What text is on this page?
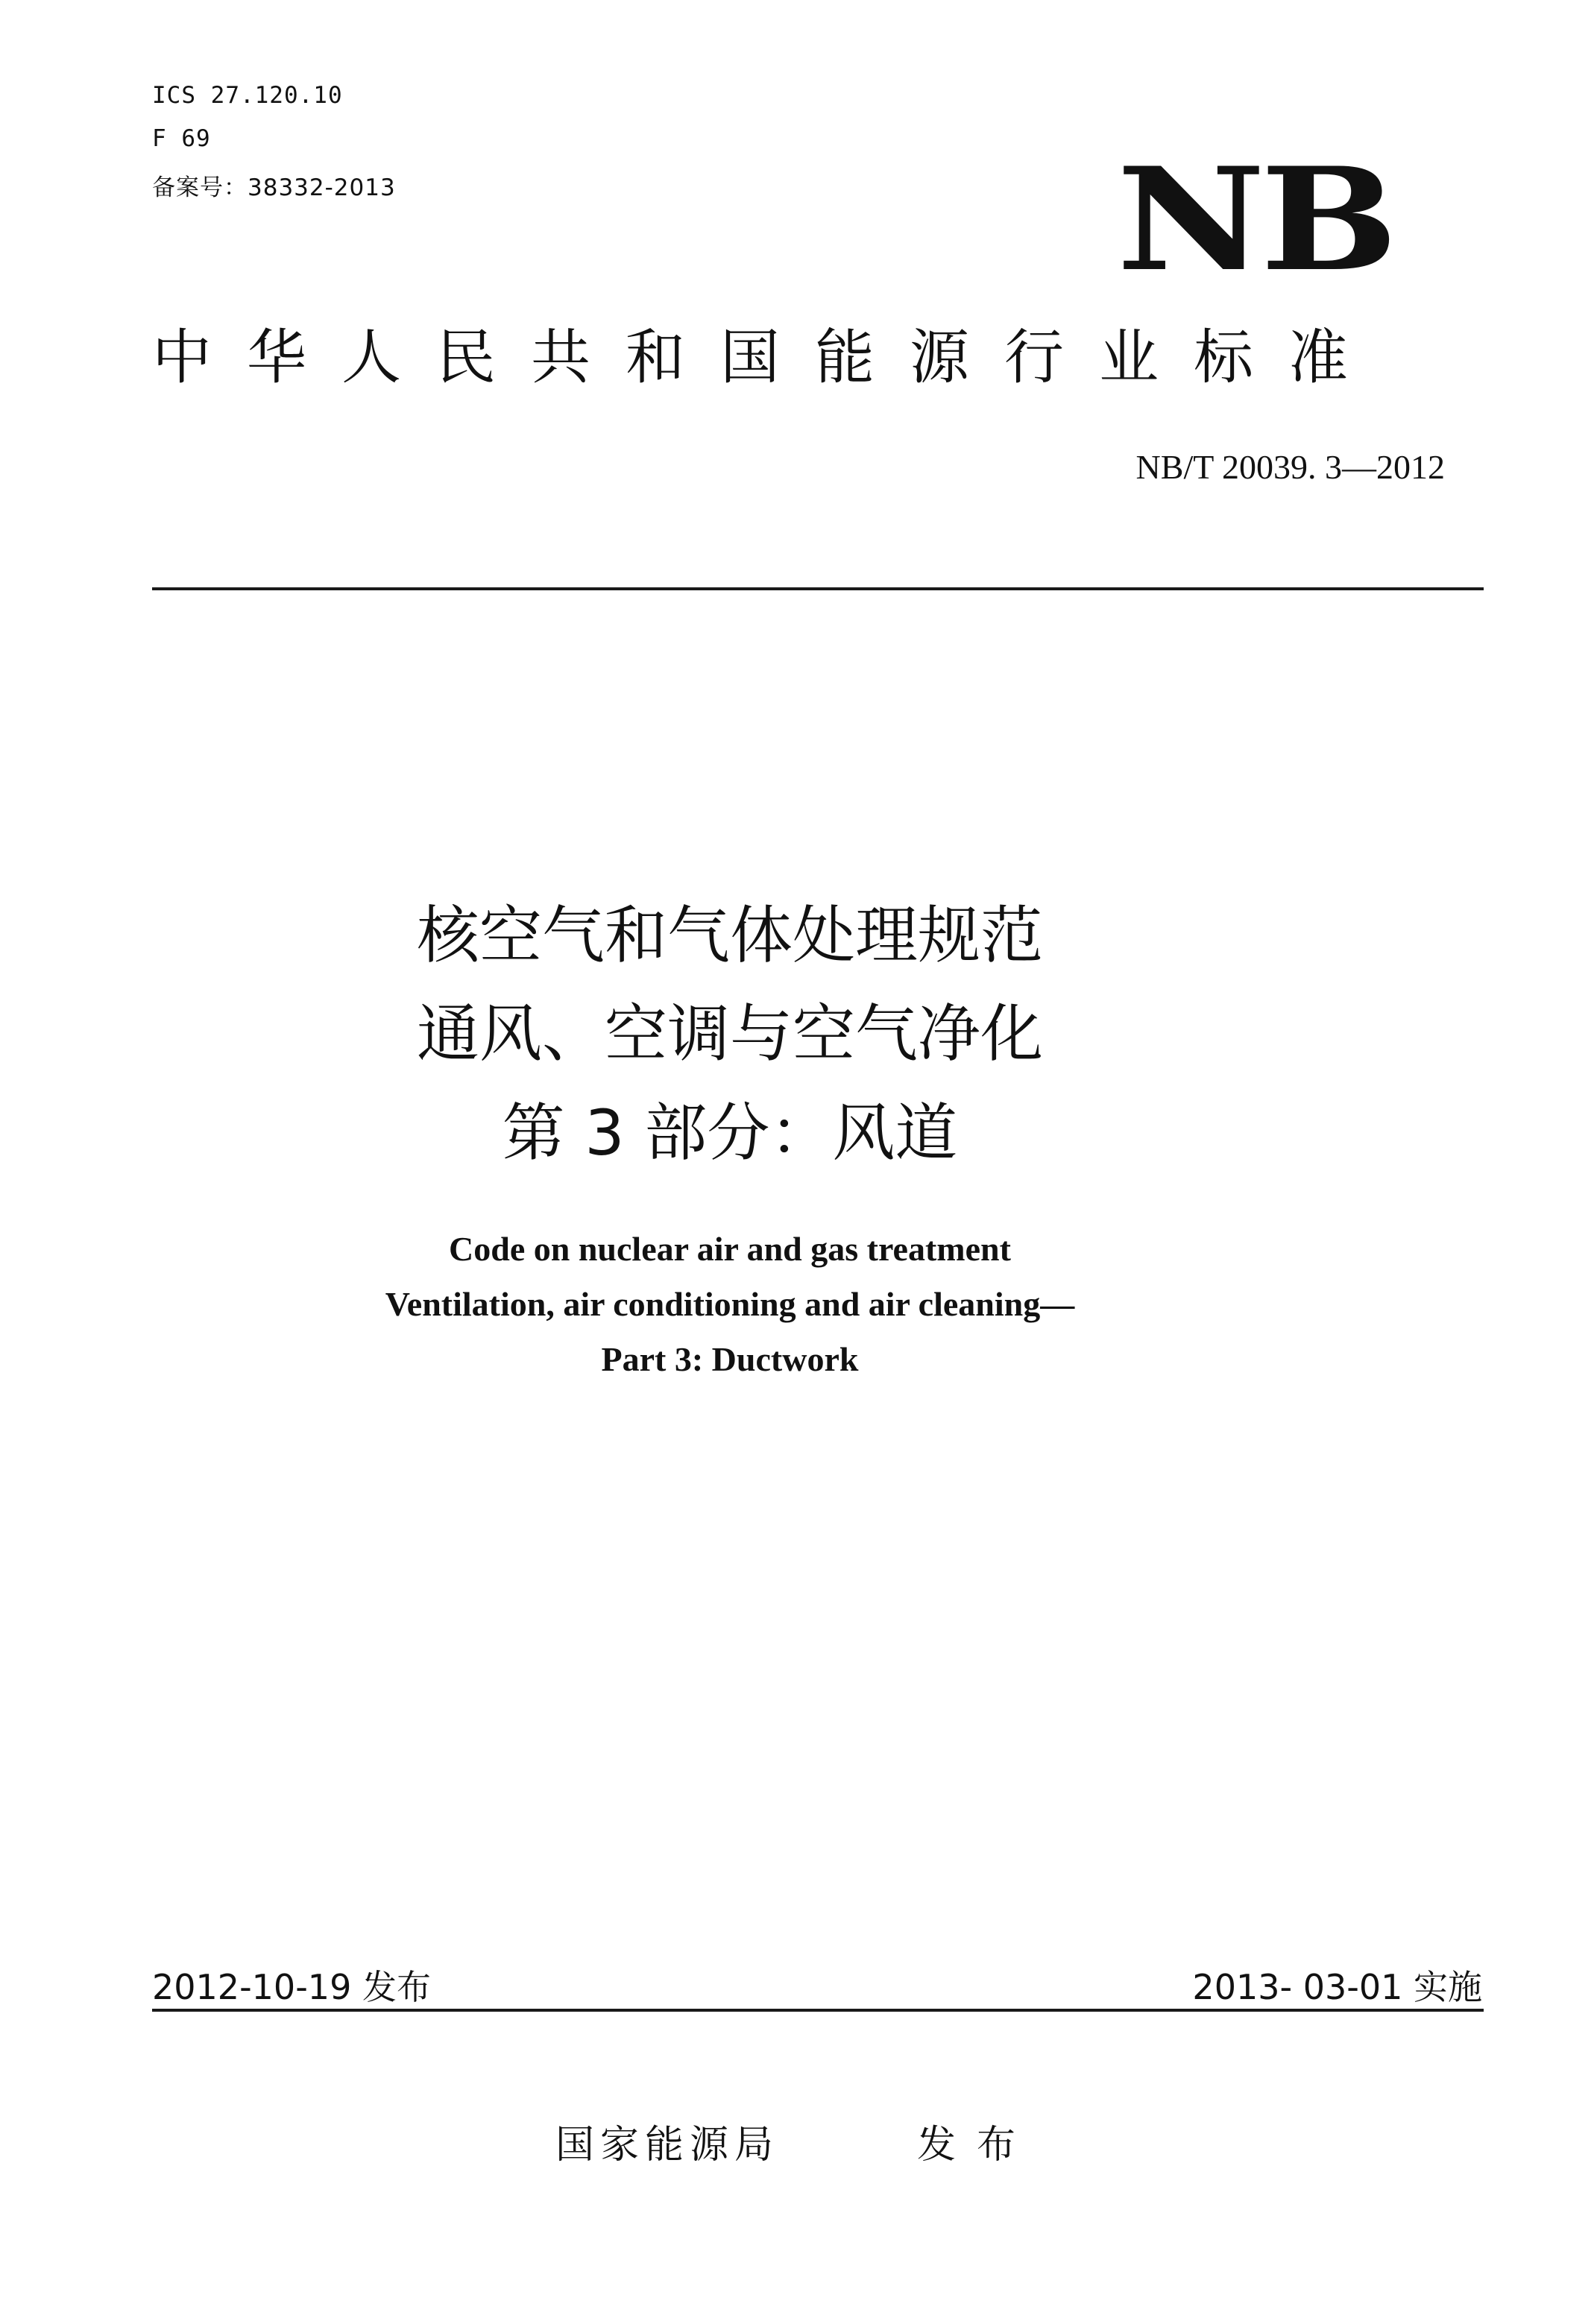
ICS 27.120.10
F 69
备案号：38332-2013	NB
中华人民共和国能源行业标准
NB/T 20039. 3—2012
核空气和气体处理规范
通风、空调与空气净化
第 3 部分：风道
Code on nuclear air and gas treatment
Ventilation, air conditioning and air cleaning—
Part 3: Ductwork
2012-10-19 发布	2013- 03-01 实施
国家能源局	发布
